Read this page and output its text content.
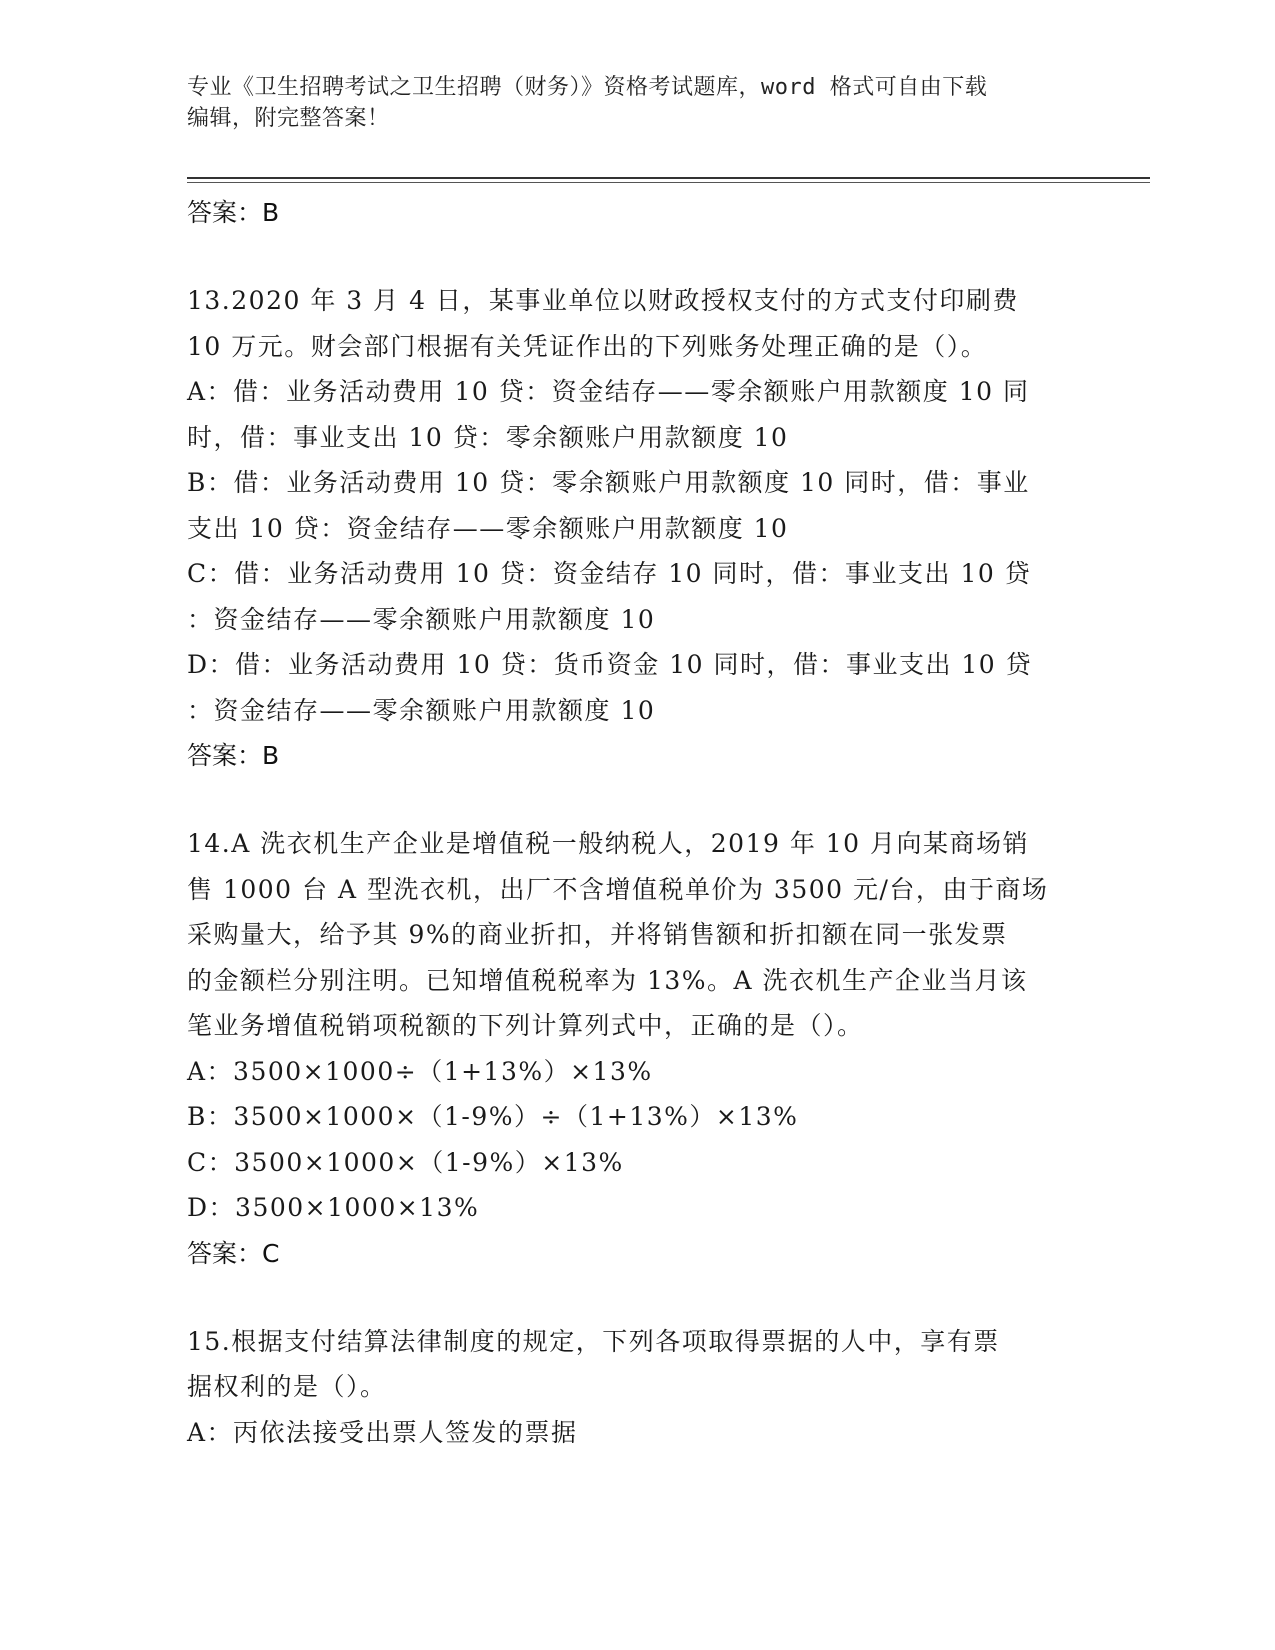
专业《卫生招聘考试之卫生招聘（财务）》资格考试题库，word 格式可自由下载
编辑，附完整答案！
答案：B
13.2020 年 3 月 4 日，某事业单位以财政授权支付的方式支付印刷费
10 万元。财会部门根据有关凭证作出的下列账务处理正确的是（）。
A：借：业务活动费用 10 贷：资金结存——零余额账户用款额度 10 同
时，借：事业支出 10 贷：零余额账户用款额度 10
B：借：业务活动费用 10 贷：零余额账户用款额度 10 同时，借：事业
支出 10 贷：资金结存——零余额账户用款额度 10
C：借：业务活动费用 10 贷：资金结存 10 同时，借：事业支出 10 贷
：资金结存——零余额账户用款额度 10
D：借：业务活动费用 10 贷：货币资金 10 同时，借：事业支出 10 贷
：资金结存——零余额账户用款额度 10
答案：B
14.A 洗衣机生产企业是增值税一般纳税人，2019 年 10 月向某商场销
售 1000 台 A 型洗衣机，出厂不含增值税单价为 3500 元/台，由于商场
采购量大，给予其 9%的商业折扣，并将销售额和折扣额在同一张发票
的金额栏分别注明。已知增值税税率为 13%。A 洗衣机生产企业当月该
笔业务增值税销项税额的下列计算列式中，正确的是（）。
A：3500×1000÷（1+13%）×13%
B：3500×1000×（1-9%）÷（1+13%）×13%
C：3500×1000×（1-9%）×13%
D：3500×1000×13%
答案：C
15.根据支付结算法律制度的规定，下列各项取得票据的人中，享有票
据权利的是（）。
A：丙依法接受出票人签发的票据
